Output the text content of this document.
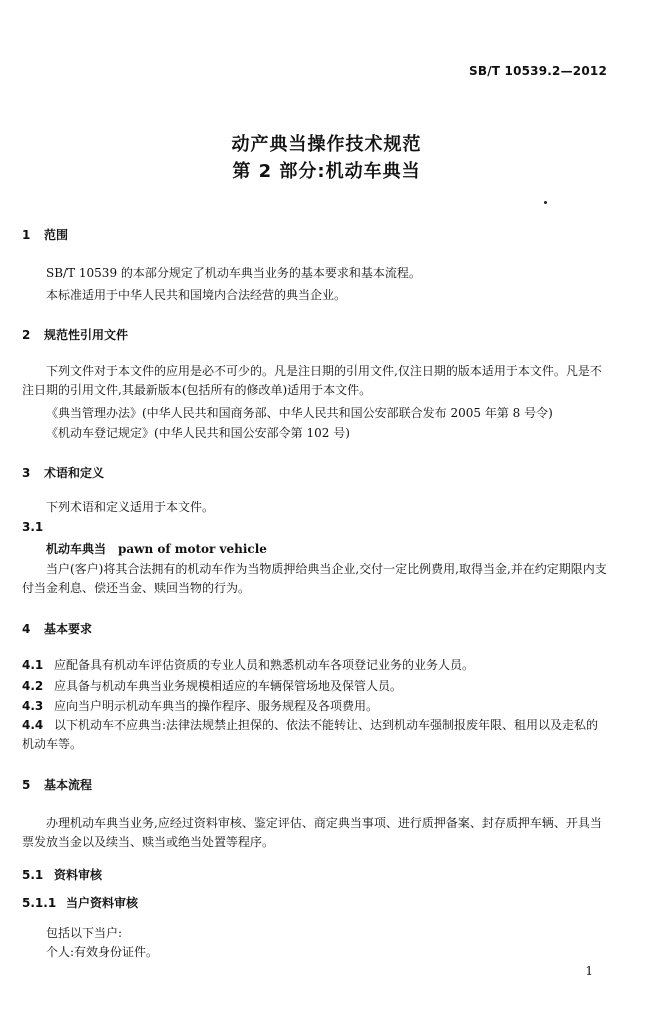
SB/T 10539.2—2012
动产典当操作技术规范
第 2 部分:机动车典当
1 范围
SB/T 10539 的本部分规定了机动车典当业务的基本要求和基本流程。
本标准适用于中华人民共和国境内合法经营的典当企业。
2 规范性引用文件
下列文件对于本文件的应用是必不可少的。凡是注日期的引用文件,仅注日期的版本适用于本文件。凡是不注日期的引用文件,其最新版本(包括所有的修改单)适用于本文件。
《典当管理办法》(中华人民共和国商务部、中华人民共和国公安部联合发布 2005 年第 8 号令)
《机动车登记规定》(中华人民共和国公安部令第 102 号)
3 术语和定义
下列术语和定义适用于本文件。
3.1
机动车典当 pawn of motor vehicle
当户(客户)将其合法拥有的机动车作为当物质押给典当企业,交付一定比例费用,取得当金,并在约定期限内支付当金利息、偿还当金、赎回当物的行为。
4 基本要求
4.1 应配备具有机动车评估资质的专业人员和熟悉机动车各项登记业务的业务人员。
4.2 应具备与机动车典当业务规模相适应的车辆保管场地及保管人员。
4.3 应向当户明示机动车典当的操作程序、服务规程及各项费用。
4.4 以下机动车不应典当:法律法规禁止担保的、依法不能转让、达到机动车强制报废年限、租用以及走私的机动车等。
5 基本流程
办理机动车典当业务,应经过资料审核、鉴定评估、商定典当事项、进行质押备案、封存质押车辆、开具当票发放当金以及续当、赎当或绝当处置等程序。
5.1 资料审核
5.1.1 当户资料审核
包括以下当户:
个人:有效身份证件。
1
